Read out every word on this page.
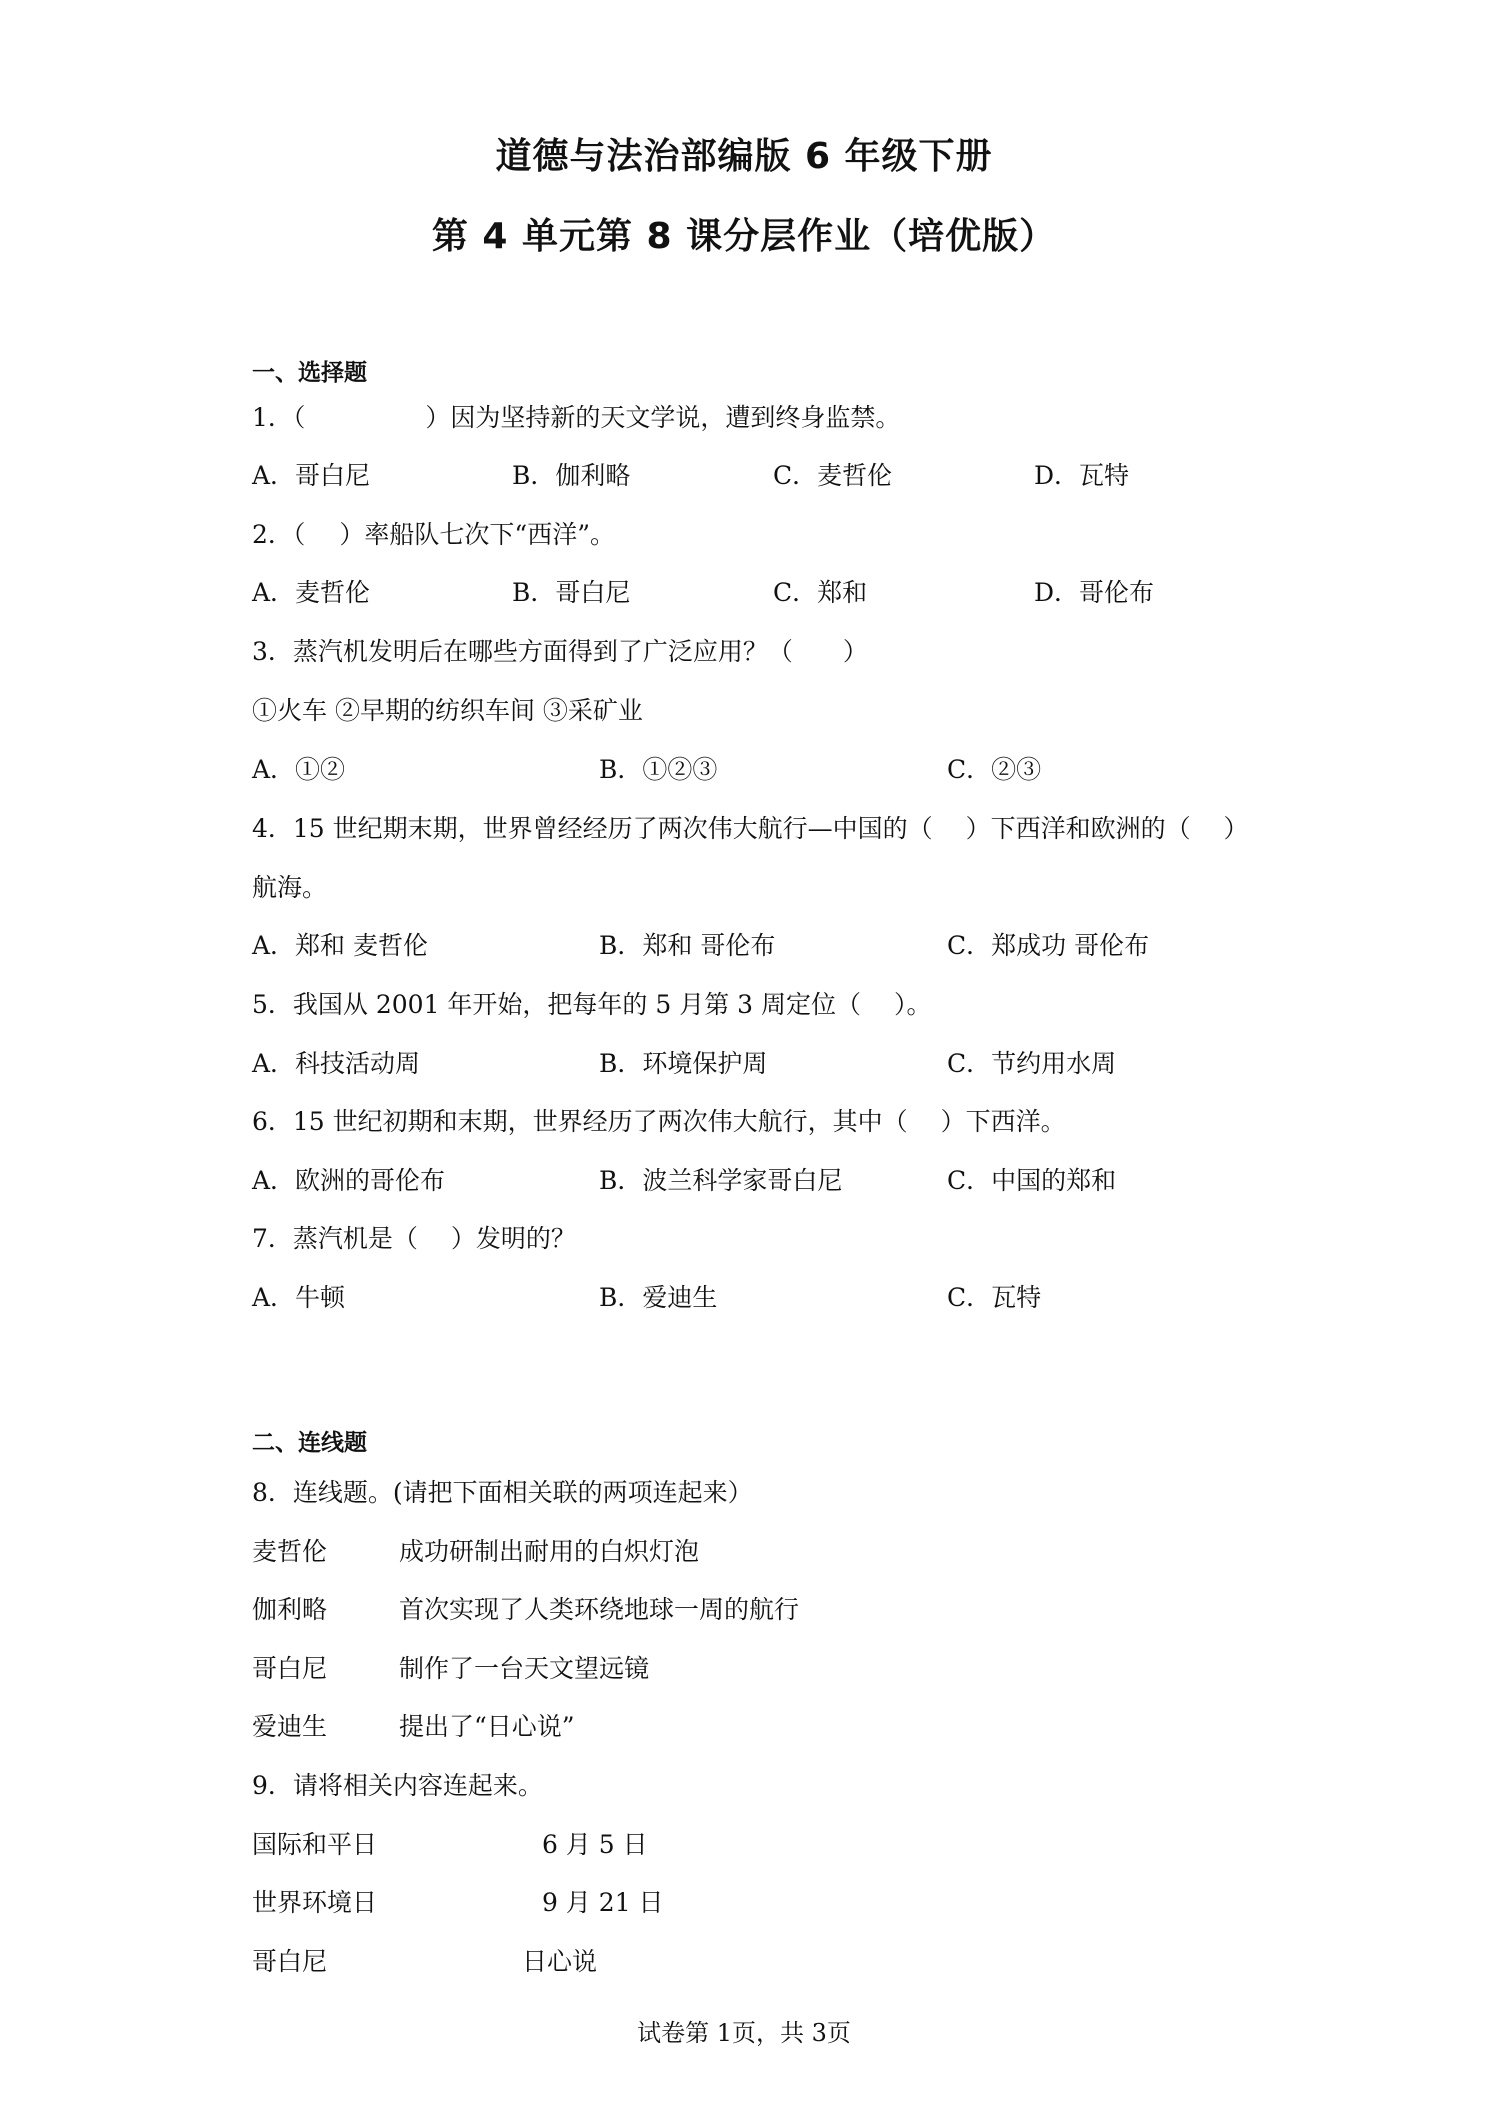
道德与法治部编版 6 年级下册
第 4 单元第 8 课分层作业（培优版）
一、选择题
1．（	）因为坚持新的天文学说，遭到终身监禁。
A．哥白尼	B．伽利略	C．麦哲伦	D．瓦特
2．（ ）率船队七次下“西洋”。
A．麦哲伦	B．哥白尼	C．郑和	D．哥伦布
3．蒸汽机发明后在哪些方面得到了广泛应用？（　　）
①火车 ②早期的纺织车间 ③采矿业
A．①②	B．①②③	C．②③
4．15 世纪期末期，世界曾经经历了两次伟大航行—中国的（　 ）下西洋和欧洲的（　 ）
航海。
A．郑和 麦哲伦	B．郑和 哥伦布	C．郑成功 哥伦布
5．我国从 2001 年开始，把每年的 5 月第 3 周定位（　 ）。
A．科技活动周	B．环境保护周	C．节约用水周
6．15 世纪初期和末期，世界经历了两次伟大航行，其中（　 ）下西洋。
A．欧洲的哥伦布	B．波兰科学家哥白尼	C．中国的郑和
7．蒸汽机是（　 ）发明的？
A．牛顿	B．爱迪生	C．瓦特
二、连线题
8．连线题。(请把下面相关联的两项连起来）
麦哲伦	成功研制出耐用的白炽灯泡
伽利略	首次实现了人类环绕地球一周的航行
哥白尼	制作了一台天文望远镜
爱迪生	提出了“日心说”
9．请将相关内容连起来。
国际和平日	6 月 5 日
世界环境日	9 月 21 日
哥白尼	日心说
试卷第 1页，共 3页
